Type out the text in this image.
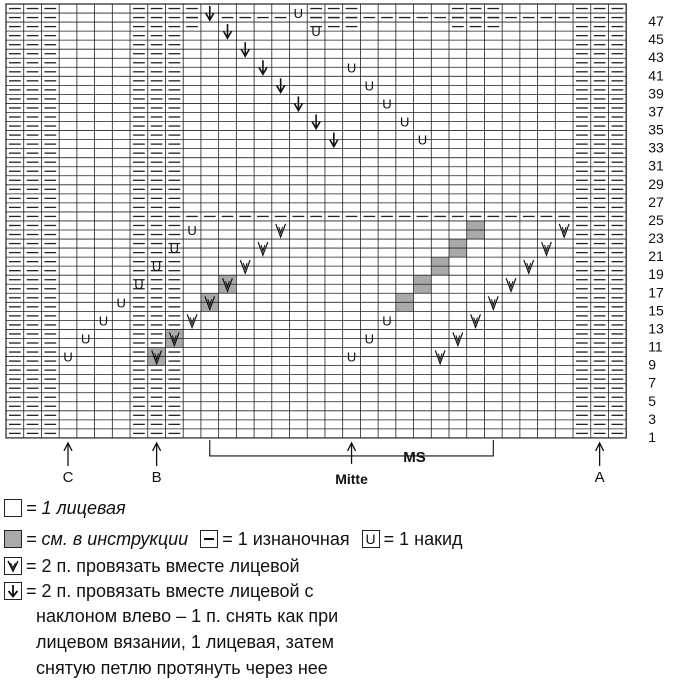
U
U
U
U
U
U
U
U
U
U
U
U
U	U
U	U
U	U
47
45
43
41
39
37
35
33
31
29
27
25
23
21
19
17
15
13
11
9
7
5
3
1
C	B	A
MS
Mitte
= 1 лицевая
= см. в инструкции = 1 изнаночная U = 1 накид
= 2 п. провязать вместе лицевой
= 2 п. провязать вместе лицевой с
наклоном влево – 1 п. снять как при
лицевом вязании, 1 лицевая, затем
снятую петлю протянуть через нее
